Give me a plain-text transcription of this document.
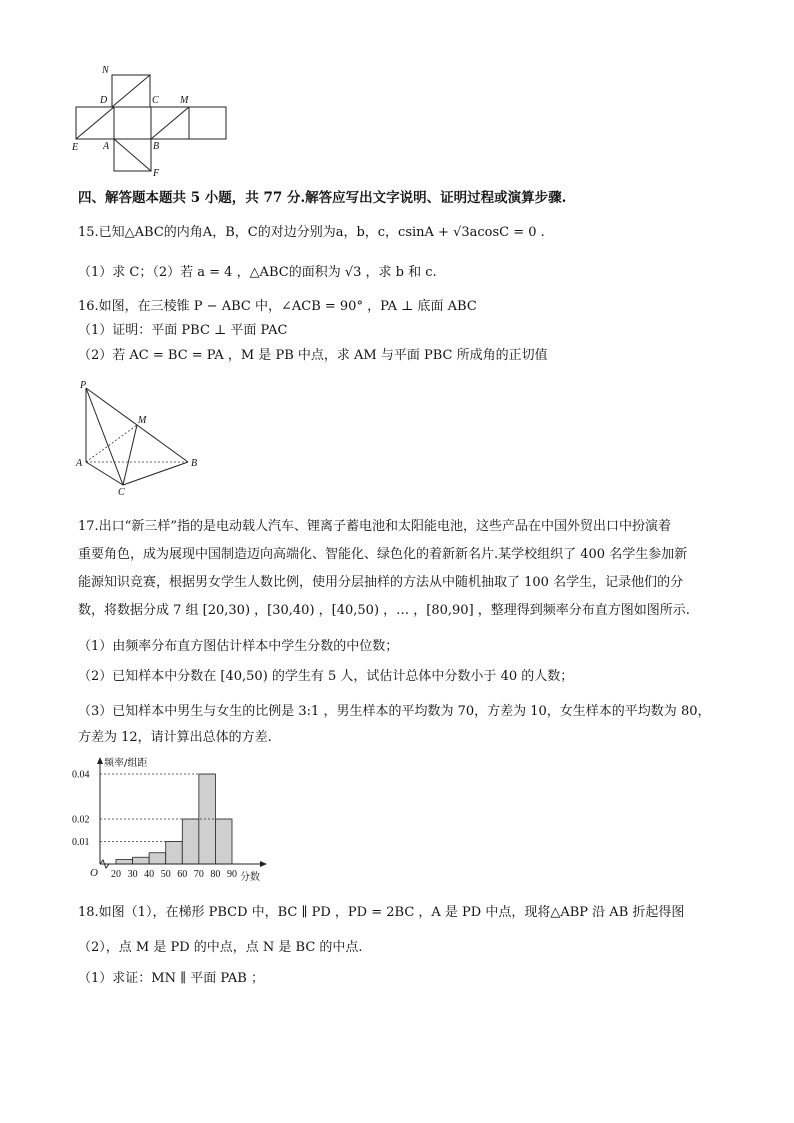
N
D	C M
E A	B
F
四、解答题本题共 5 小题，共 77 分.解答应写出文字说明、证明过程或演算步骤.
15.已知△ABC的内角A，B，C的对边分别为a，b，c，csinA + √3acosC = 0 .
（1）求 C；（2）若 a = 4 ，△ABC的面积为 √3 ，求 b 和 c.
16.如图，在三棱锥 P − ABC 中，∠ACB = 90° ，PA ⊥ 底面 ABC
（1）证明：平面 PBC ⊥ 平面 PAC
（2）若 AC = BC = PA ，M 是 PB 中点，求 AM 与平面 PBC 所成角的正切值
P
M
A	B
C
17.出口“新三样”指的是电动载人汽车、锂离子蓄电池和太阳能电池，这些产品在中国外贸出口中扮演着
重要角色，成为展现中国制造迈向高端化、智能化、绿色化的着新新名片.某学校组织了 400 名学生参加新
能源知识竞赛，根据男女学生人数比例，使用分层抽样的方法从中随机抽取了 100 名学生，记录他们的分
数，将数据分成 7 组 [20,30) ，[30,40) ，[40,50) ，… ，[80,90] ，整理得到频率分布直方图如图所示.
（1）由频率分布直方图估计样本中学生分数的中位数；
（2）已知样本中分数在 [40,50) 的学生有 5 人，试估计总体中分数小于 40 的人数；
（3）已知样本中男生与女生的比例是 3:1 ，男生样本的平均数为 70，方差为 10，女生样本的平均数为 80，
方差为 12，请计算出总体的方差.
0.01
0.02
0.04
20 30 40 50 60 70 80 90
频率/组距
分数
O
18.如图（1），在梯形 PBCD 中，BC ∥ PD ，PD = 2BC ，A 是 PD 中点，现将△ABP 沿 AB 折起得图
（2），点 M 是 PD 的中点，点 N 是 BC 的中点.
（1）求证：MN ∥ 平面 PAB ；
